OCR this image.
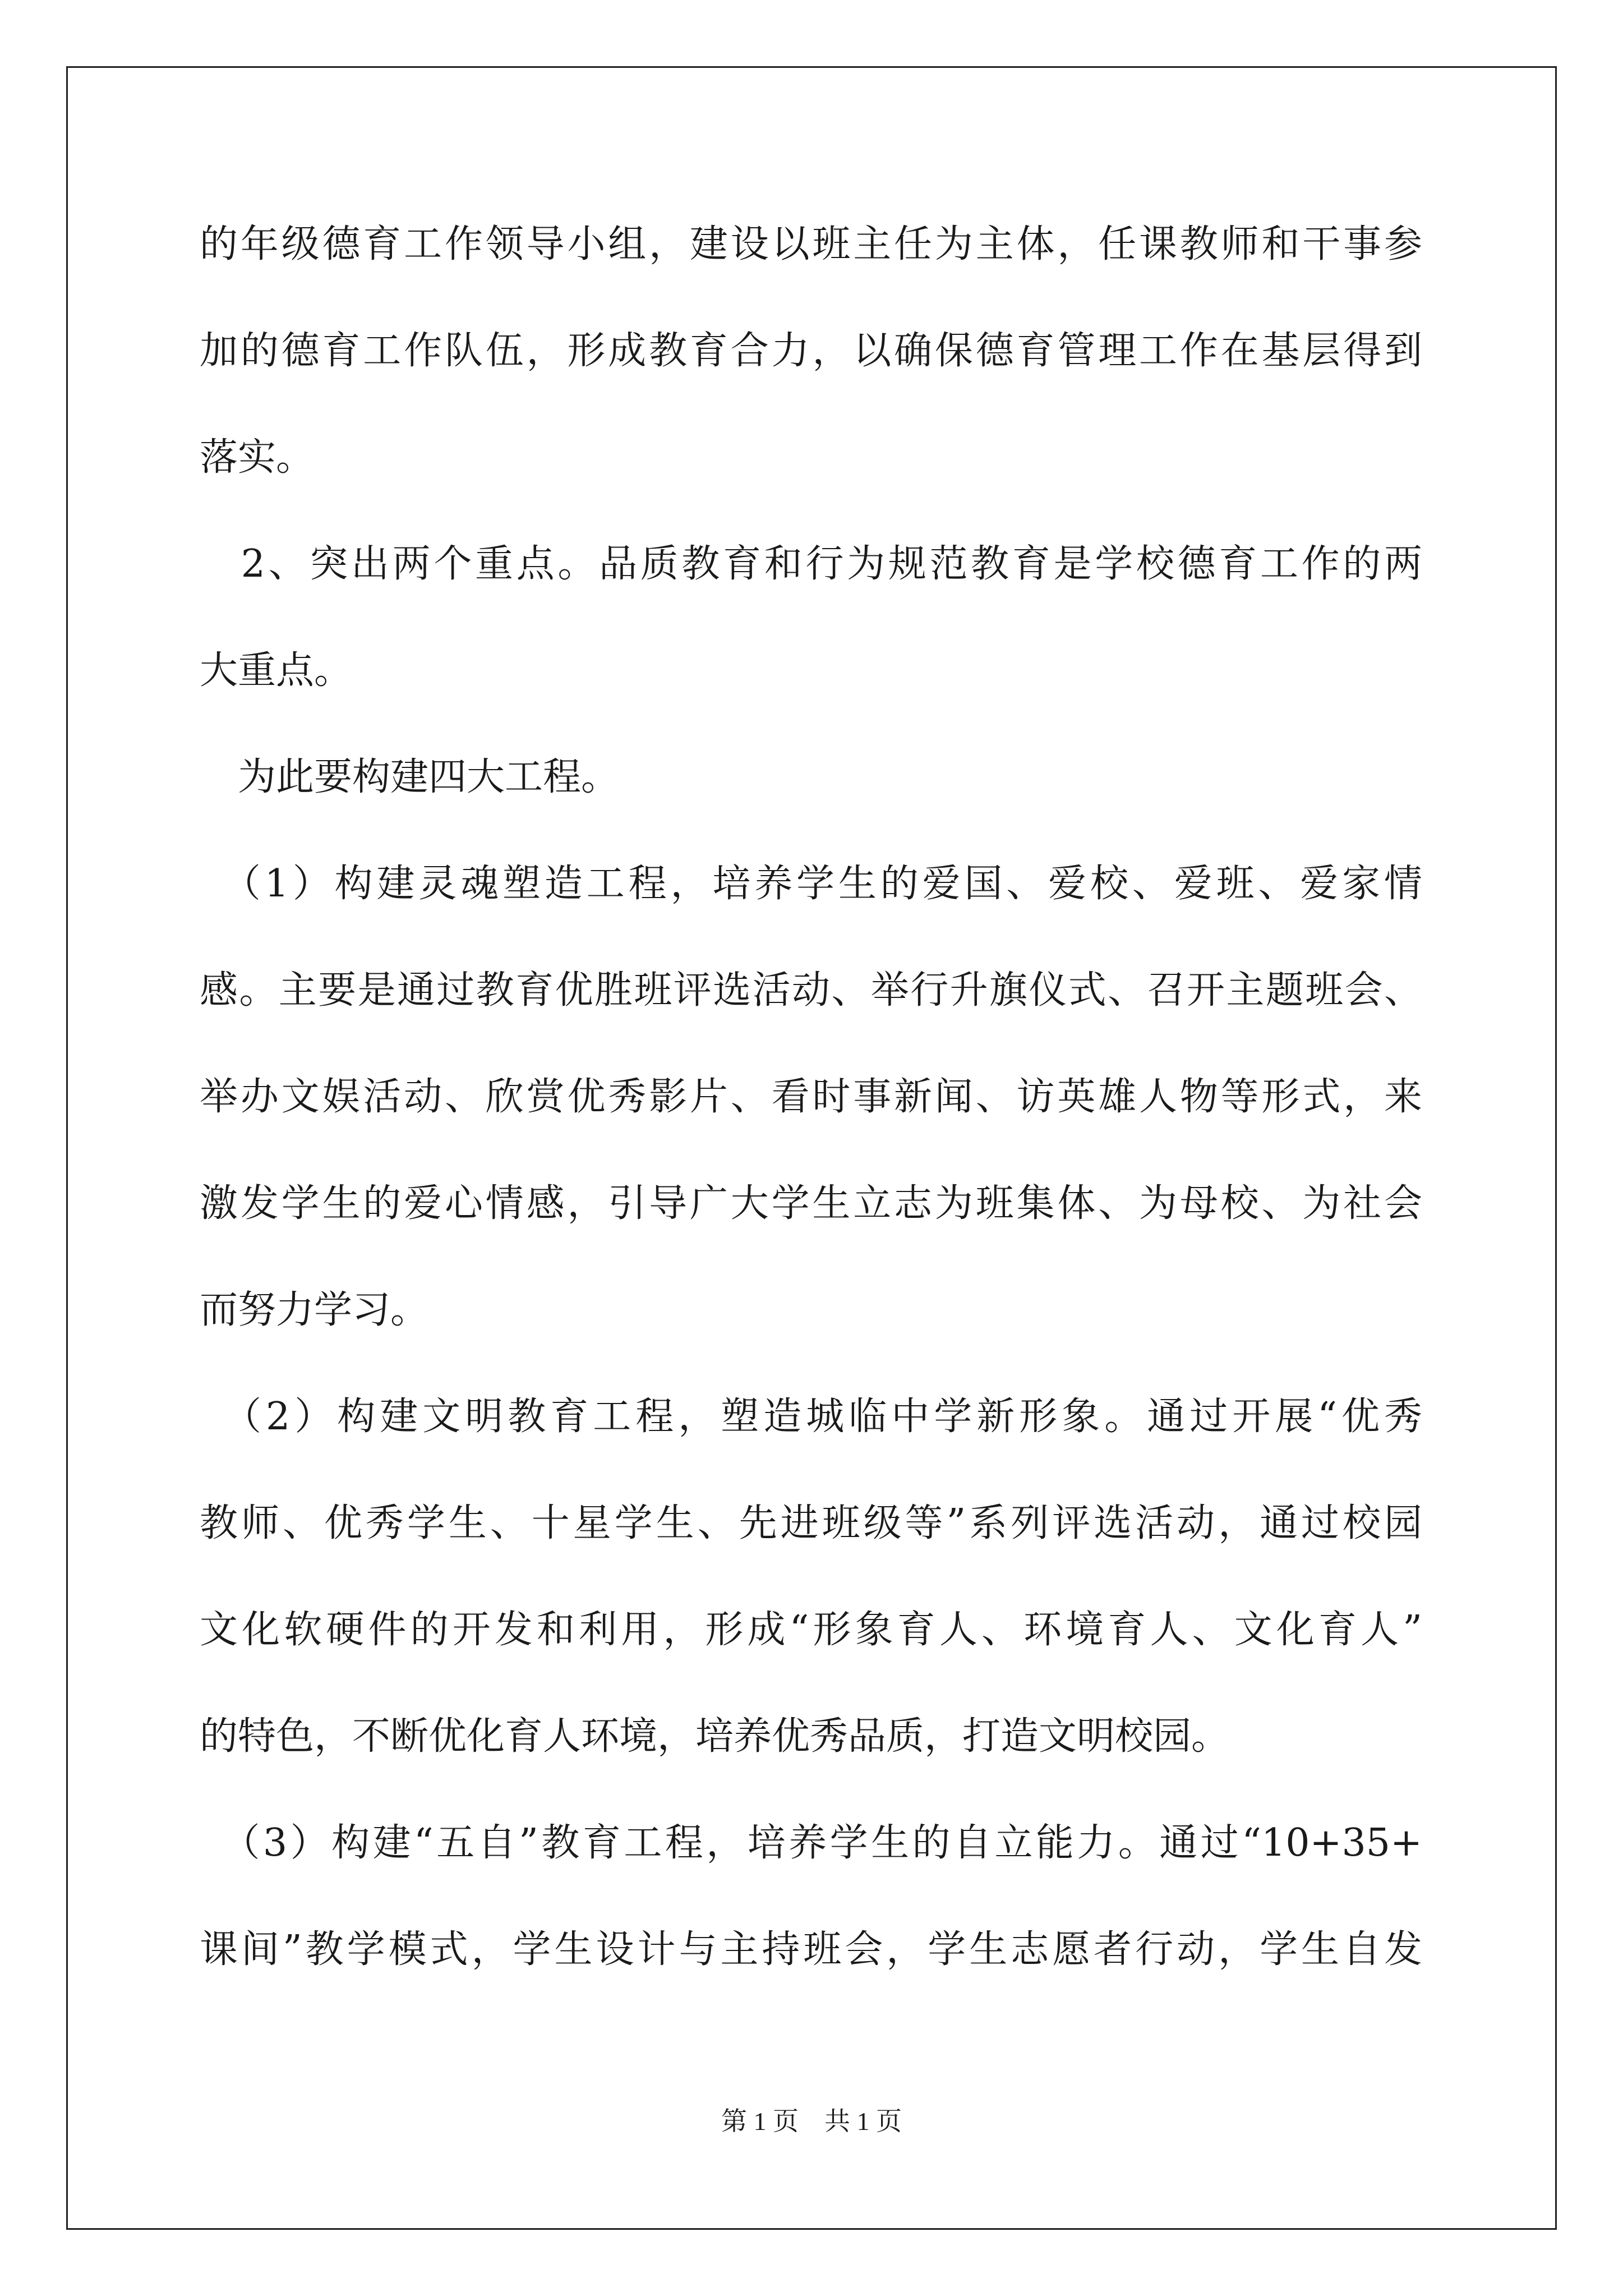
的年级德育工作领导小组，建设以班主任为主体，任课教师和干事参
加的德育工作队伍，形成教育合力，以确保德育管理工作在基层得到
落实。
　2、突出两个重点。品质教育和行为规范教育是学校德育工作的两
大重点。
　为此要构建四大工程。
　（1）构建灵魂塑造工程，培养学生的爱国、爱校、爱班、爱家情
感。主要是通过教育优胜班评选活动、举行升旗仪式、召开主题班会、
举办文娱活动、欣赏优秀影片、看时事新闻、访英雄人物等形式，来
激发学生的爱心情感，引导广大学生立志为班集体、为母校、为社会
而努力学习。
　（2）构建文明教育工程，塑造城临中学新形象。通过开展“优秀
教师、优秀学生、十星学生、先进班级等”系列评选活动，通过校园
文化软硬件的开发和利用，形成“形象育人、环境育人、文化育人”
的特色，不断优化育人环境，培养优秀品质，打造文明校园。
　（3）构建“五自”教育工程，培养学生的自立能力。通过“10+35+
课间”教学模式，学生设计与主持班会，学生志愿者行动，学生自发
第 1 页　共 1 页
